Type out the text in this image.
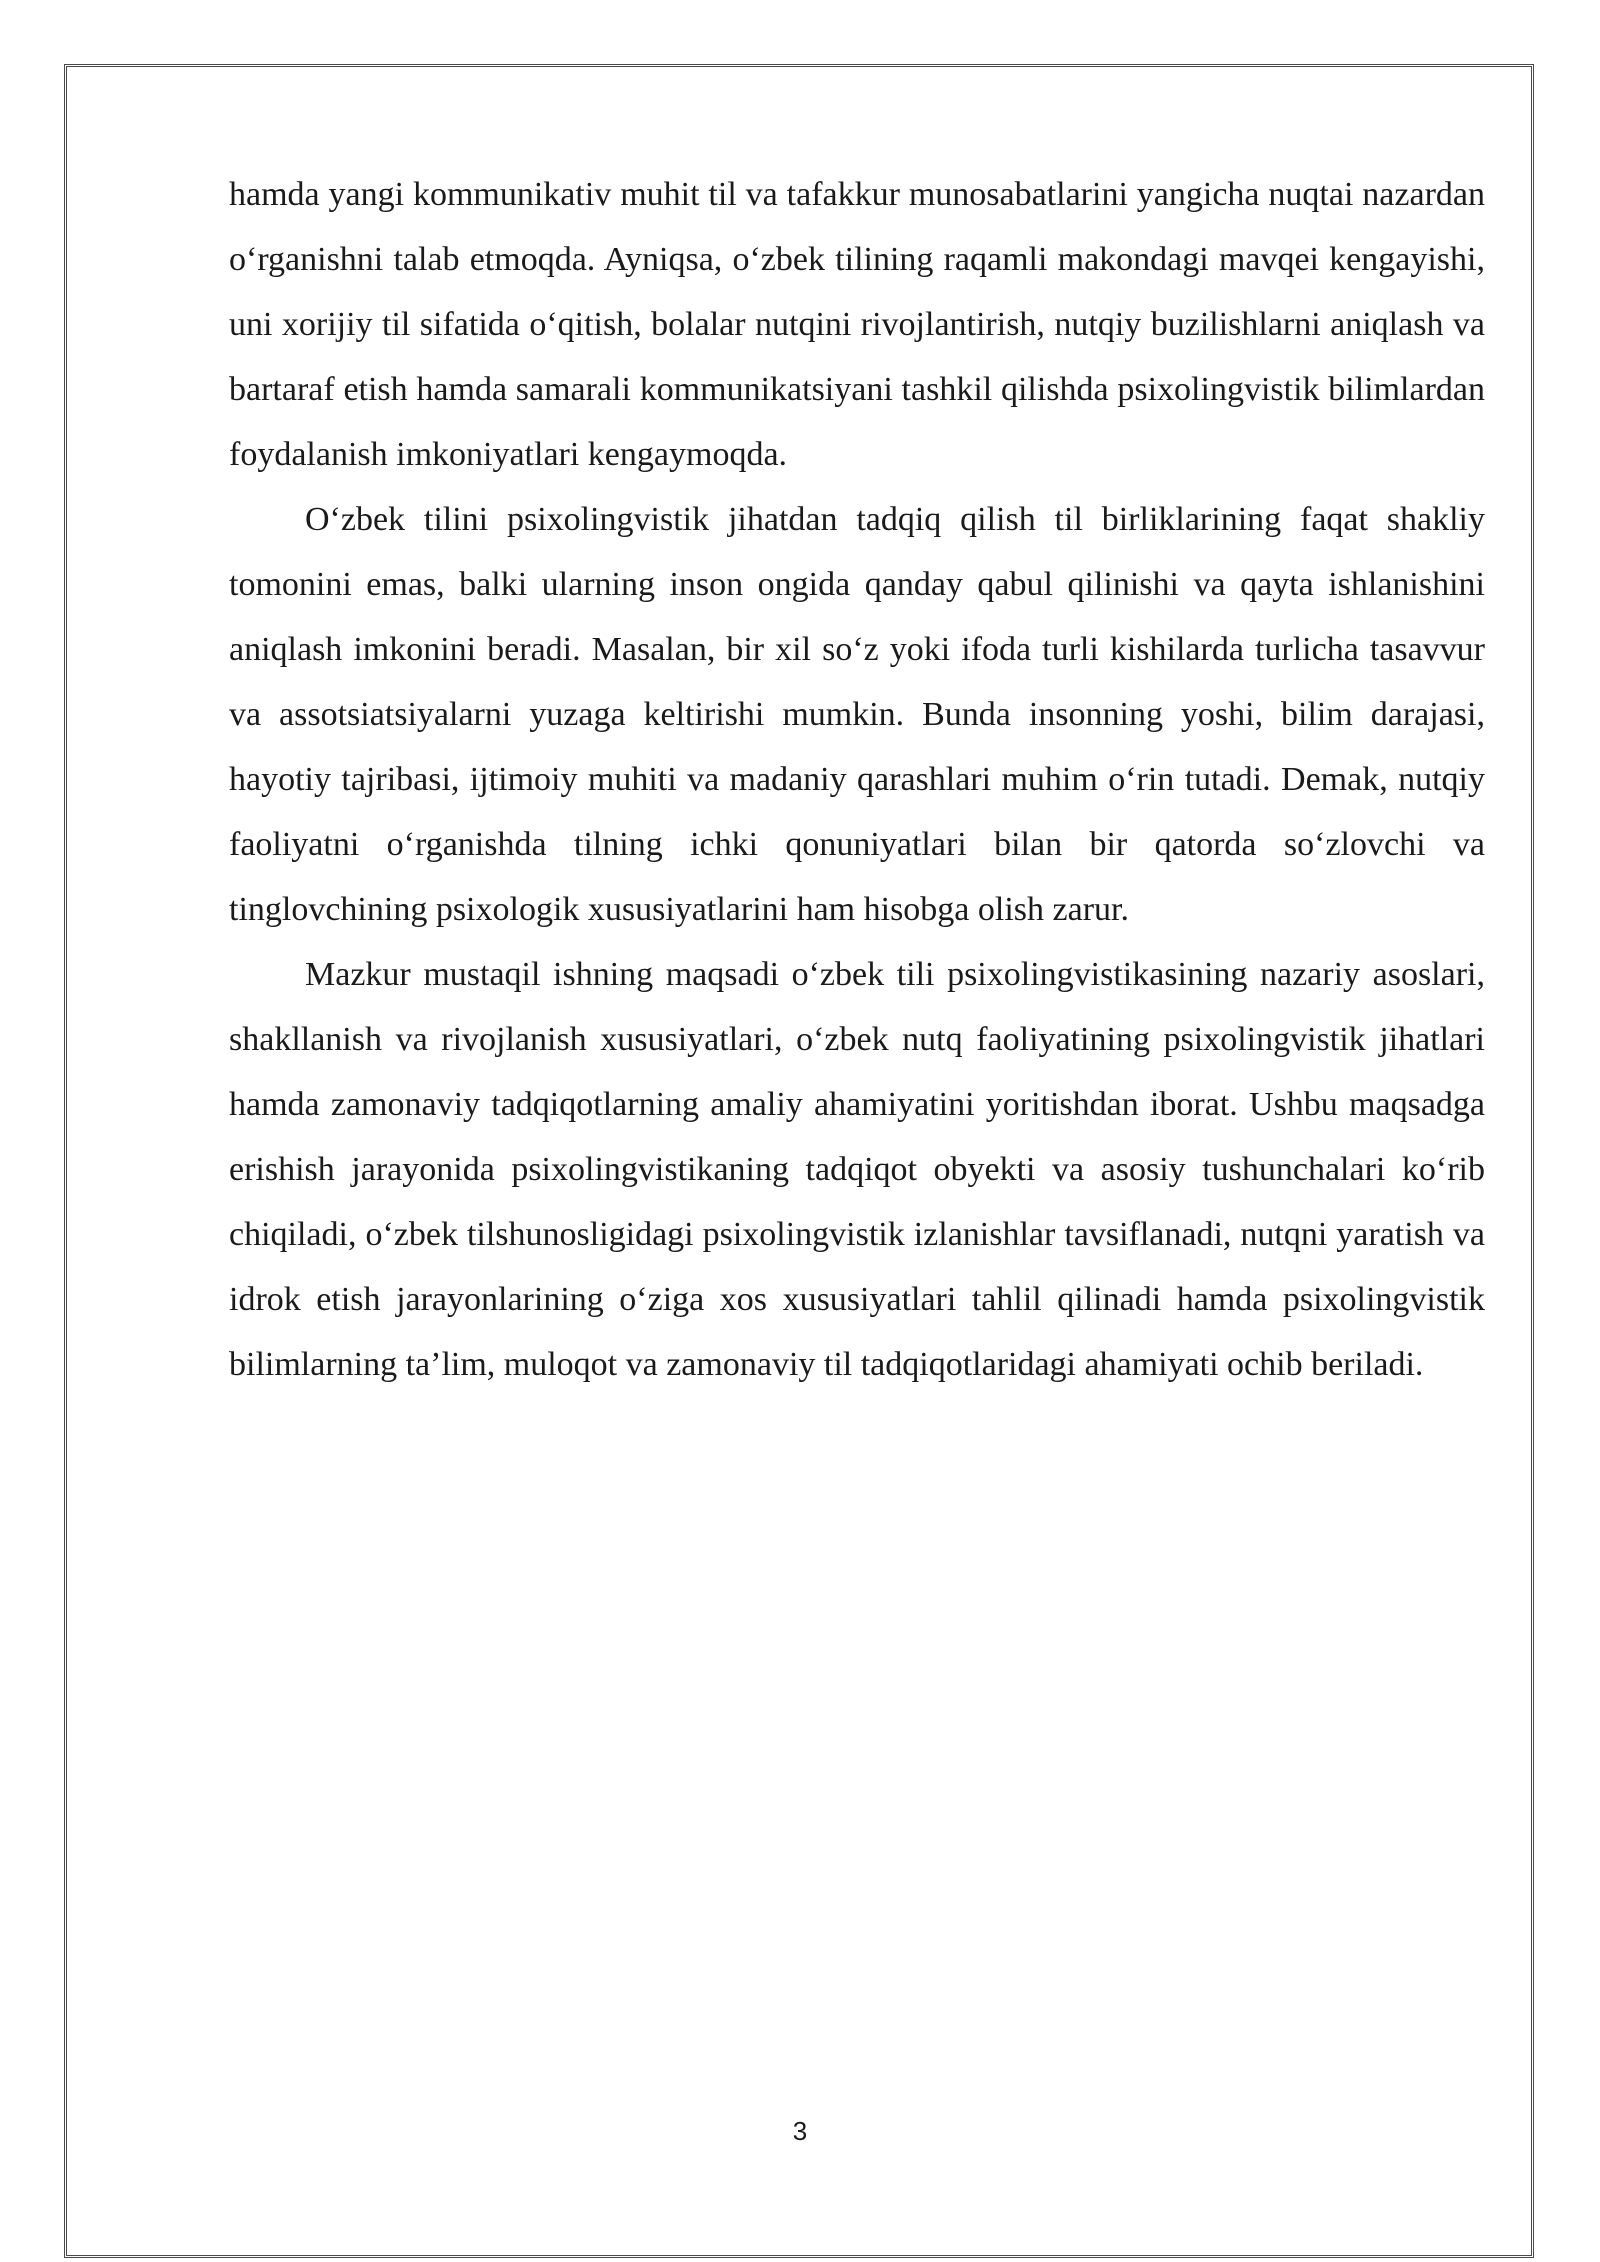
hamda yangi kommunikativ muhit til va tafakkur munosabatlarini yangicha nuqtai nazardan o‘rganishni talab etmoqda. Ayniqsa, o‘zbek tilining raqamli makondagi mavqei kengayishi, uni xorijiy til sifatida o‘qitish, bolalar nutqini rivojlantirish, nutqiy buzilishlarni aniqlash va bartaraf etish hamda samarali kommunikatsiyani tashkil qilishda psixolingvistik bilimlardan foydalanish imkoniyatlari kengaymoqda.

O‘zbek tilini psixolingvistik jihatdan tadqiq qilish til birliklarining faqat shakliy tomonini emas, balki ularning inson ongida qanday qabul qilinishi va qayta ishlanishini aniqlash imkonini beradi. Masalan, bir xil so‘z yoki ifoda turli kishilarda turlicha tasavvur va assotsiatsiyalarni yuzaga keltirishi mumkin. Bunda insonning yoshi, bilim darajasi, hayotiy tajribasi, ijtimoiy muhiti va madaniy qarashlari muhim o‘rin tutadi. Demak, nutqiy faoliyatni o‘rganishda tilning ichki qonuniyatlari bilan bir qatorda so‘zlovchi va tinglovchining psixologik xususiyatlarini ham hisobga olish zarur.

Mazkur mustaqil ishning maqsadi o‘zbek tili psixolingvistikasining nazariy asoslari, shakllanish va rivojlanish xususiyatlari, o‘zbek nutq faoliyatining psixolingvistik jihatlari hamda zamonaviy tadqiqotlarning amaliy ahamiyatini yoritishdan iborat. Ushbu maqsadga erishish jarayonida psixolingvistikaning tadqiqot obyekti va asosiy tushunchalari ko‘rib chiqiladi, o‘zbek tilshunosligidagi psixolingvistik izlanishlar tavsiflanadi, nutqni yaratish va idrok etish jarayonlarining o‘ziga xos xususiyatlari tahlil qilinadi hamda psixolingvistik bilimlarning ta’lim, muloqot va zamonaviy til tadqiqotlaridagi ahamiyati ochib beriladi.

3
